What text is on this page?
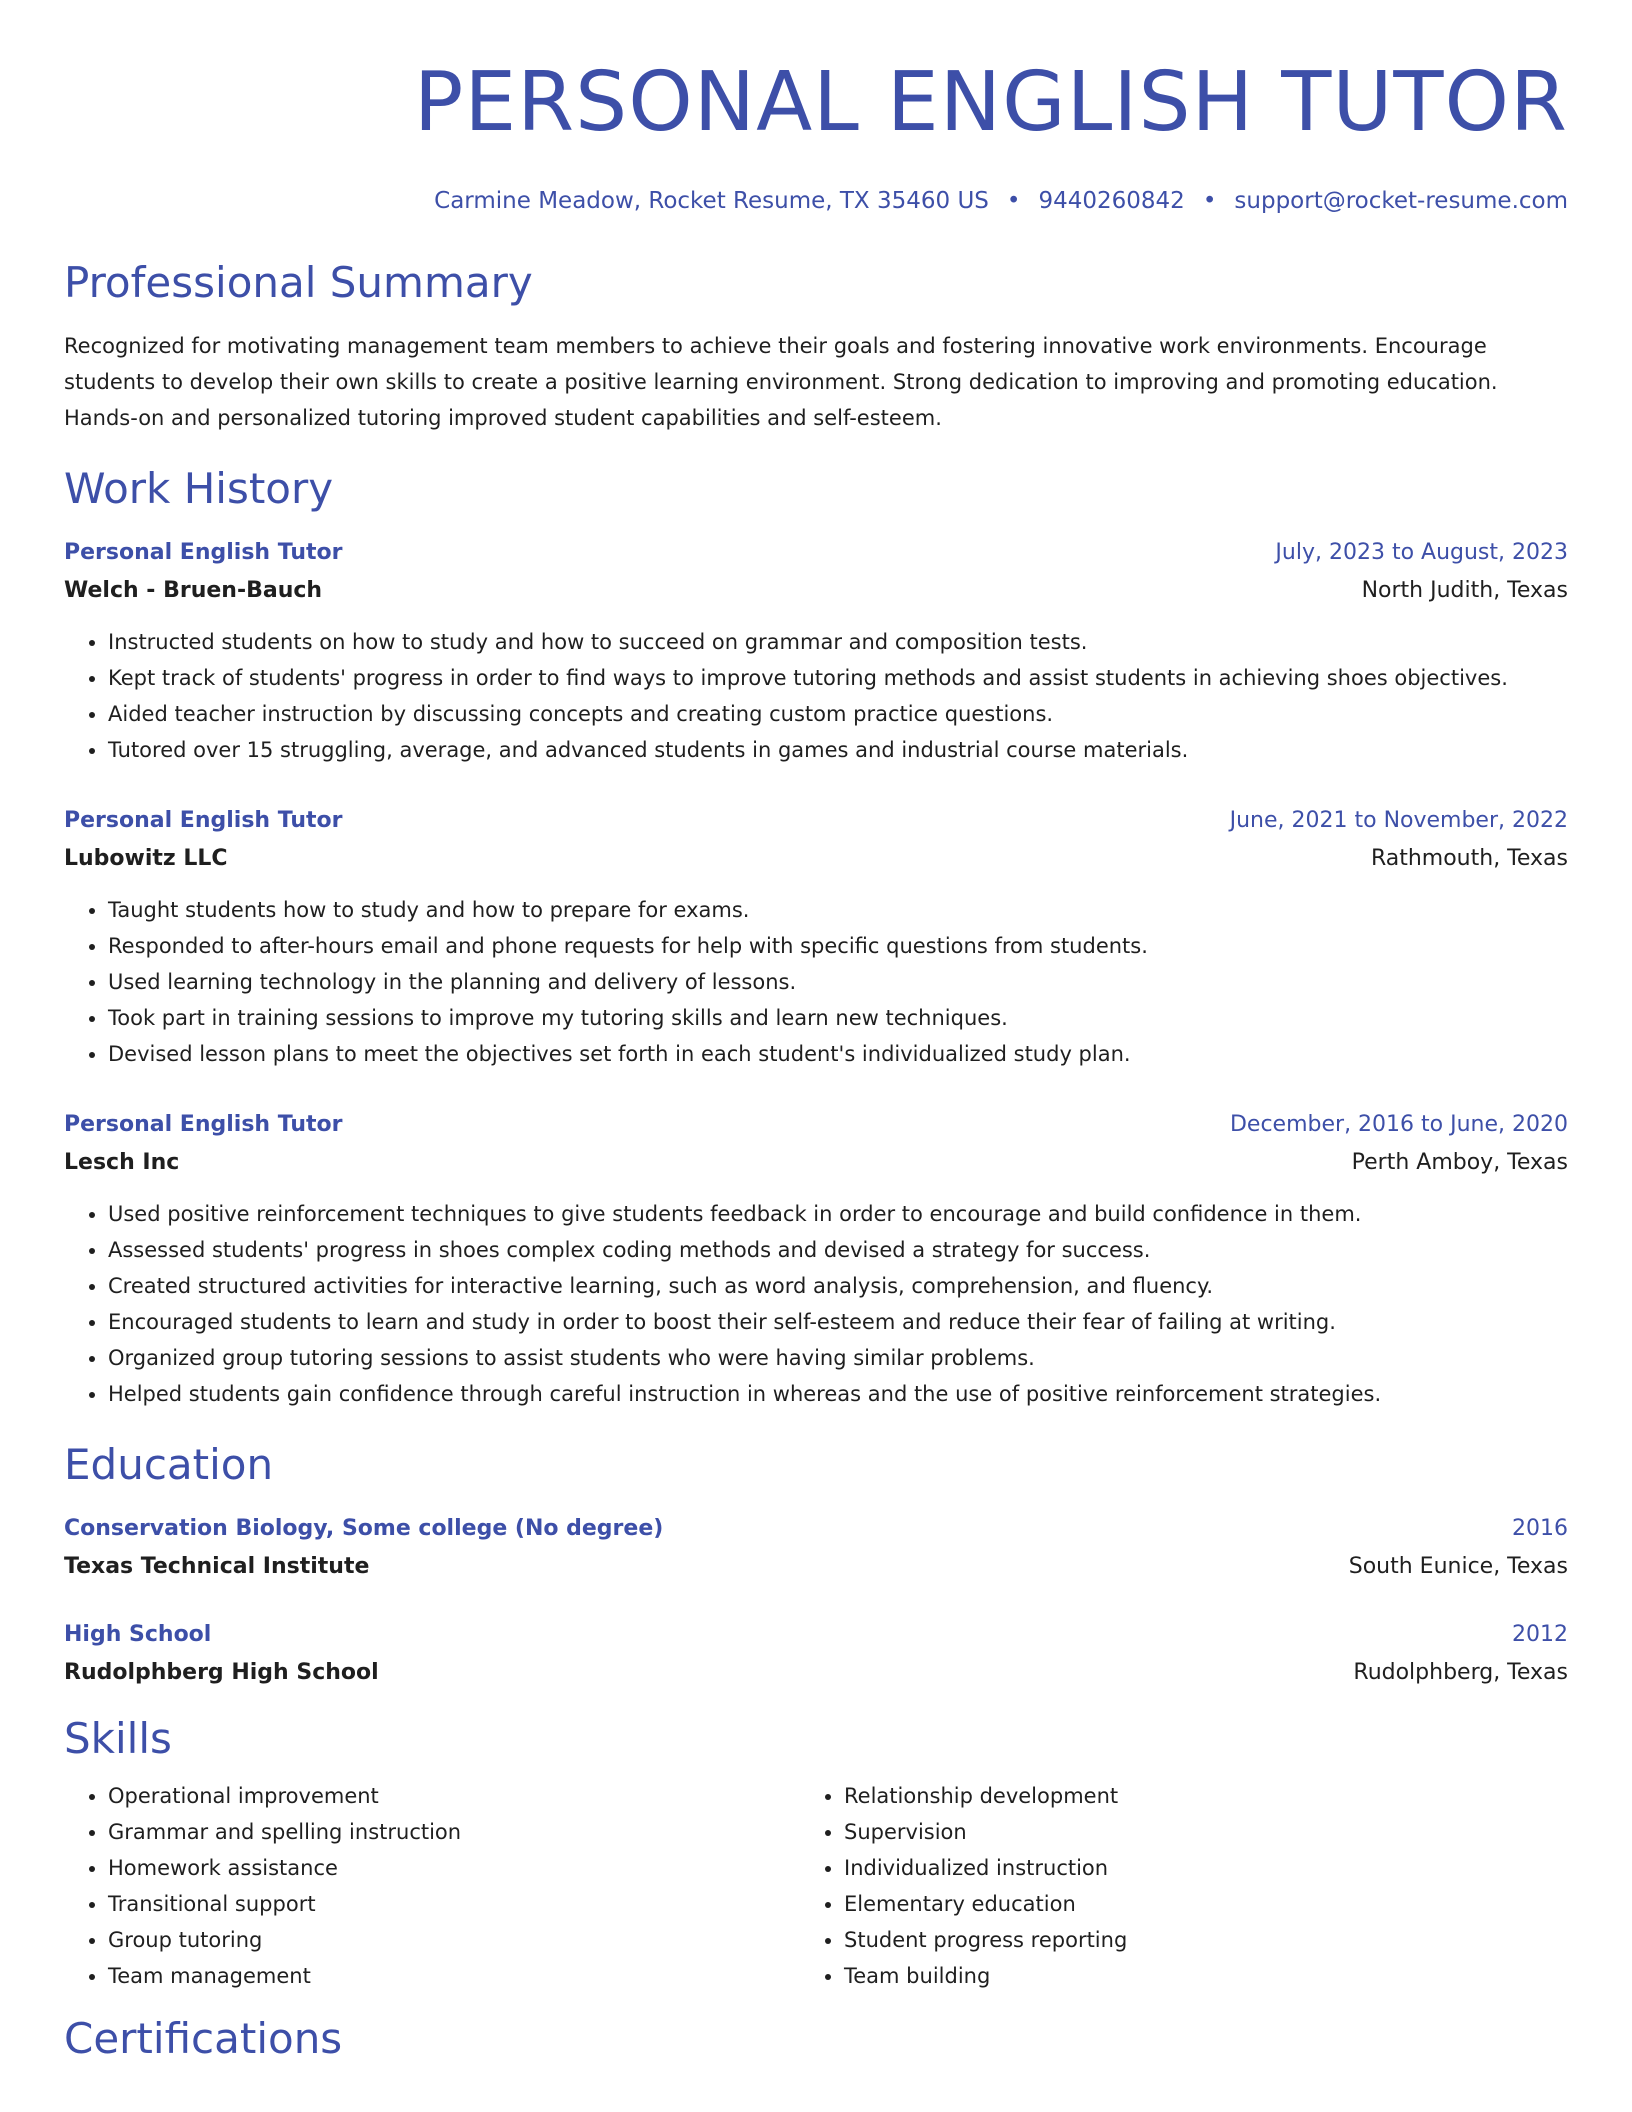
PERSONAL ENGLISH TUTOR
Carmine Meadow, Rocket Resume, TX 35460 US • 9440260842 • support@rocket-resume.com
Professional Summary

Recognized for motivating management team members to achieve their goals and fostering innovative work environments. Encourage students to develop their own skills to create a positive learning environment. Strong dedication to improving and promoting education. Hands-on and personalized tutoring improved student capabilities and self-esteem.

Work History
Personal English Tutor	July, 2023 to August, 2023
Welch - Bruen-Bauch	North Judith, Texas
• Instructed students on how to study and how to succeed on grammar and composition tests.
• Kept track of students' progress in order to find ways to improve tutoring methods and assist students in achieving shoes objectives.
• Aided teacher instruction by discussing concepts and creating custom practice questions.
• Tutored over 15 struggling, average, and advanced students in games and industrial course materials.
Personal English Tutor	June, 2021 to November, 2022
Lubowitz LLC	Rathmouth, Texas
• Taught students how to study and how to prepare for exams.
• Responded to after-hours email and phone requests for help with specific questions from students.
• Used learning technology in the planning and delivery of lessons.
• Took part in training sessions to improve my tutoring skills and learn new techniques.
• Devised lesson plans to meet the objectives set forth in each student's individualized study plan.
Personal English Tutor	December, 2016 to June, 2020
Lesch Inc	Perth Amboy, Texas
• Used positive reinforcement techniques to give students feedback in order to encourage and build confidence in them.
• Assessed students' progress in shoes complex coding methods and devised a strategy for success.
• Created structured activities for interactive learning, such as word analysis, comprehension, and fluency.
• Encouraged students to learn and study in order to boost their self-esteem and reduce their fear of failing at writing.
• Organized group tutoring sessions to assist students who were having similar problems.
• Helped students gain confidence through careful instruction in whereas and the use of positive reinforcement strategies.
Education
Conservation Biology, Some college (No degree)	2016
Texas Technical Institute	South Eunice, Texas
High School	2012
Rudolphberg High School	Rudolphberg, Texas
Skills
• Operational improvement
• Grammar and spelling instruction
• Homework assistance
• Transitional support
• Group tutoring
• Team management
• Relationship development
• Supervision
• Individualized instruction
• Elementary education
• Student progress reporting
• Team building
Certifications
